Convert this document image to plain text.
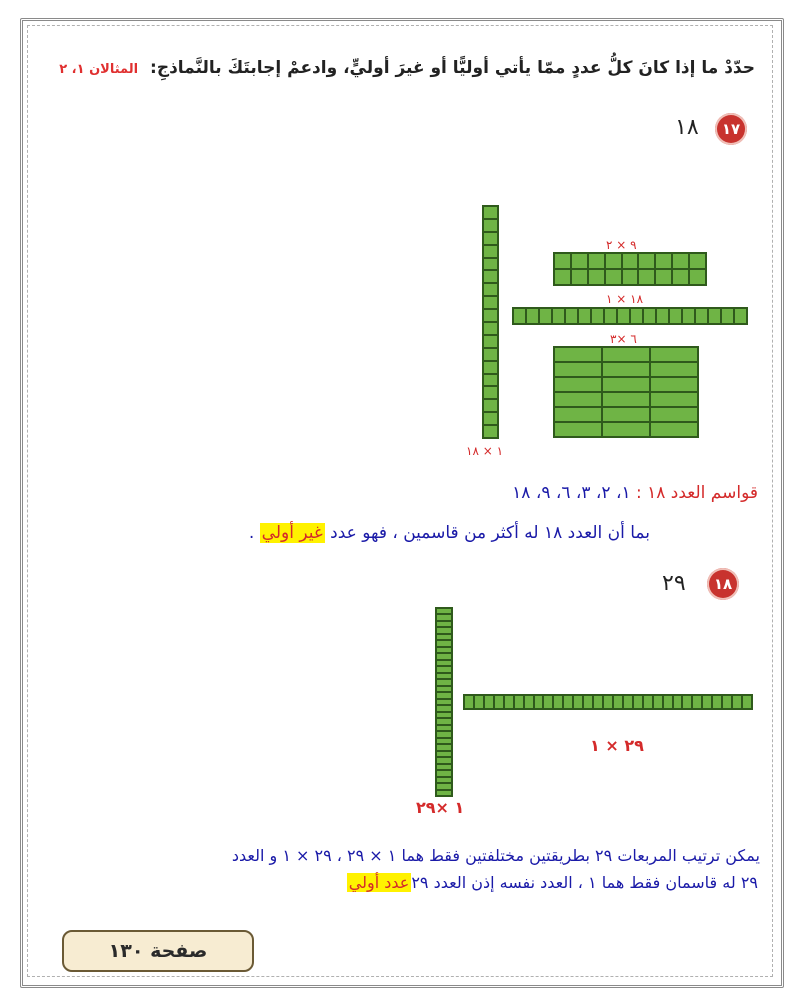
حدّدْ ما إذا كانَ كلُّ عددٍ ممّا يأتي أوليًّا أو غيرَ أوليٍّ، وادعمْ إجابتَكَ بالنَّماذجِ: المثالان ١، ٢
١٧
١٨
١ × ١٨
٩ × ٢
١٨ × ١
٦ ×٣
قواسم العدد ١٨ : ١، ٢، ٣، ٦، ٩، ١٨
بما أن العدد ١٨ له أكثر من قاسمين ، فهو عدد غير أولي .
١٨
٢٩
١ ×٢٩
٢٩ × ١
يمكن ترتيب المربعات ٢٩ بطريقتين مختلفتين فقط هما ١ × ٢٩ ، ٢٩ × ١ و العدد
٢٩ له قاسمان فقط هما ١ ، العدد نفسه إذن العدد ٢٩عدد أولي
صفحة ١٣٠
